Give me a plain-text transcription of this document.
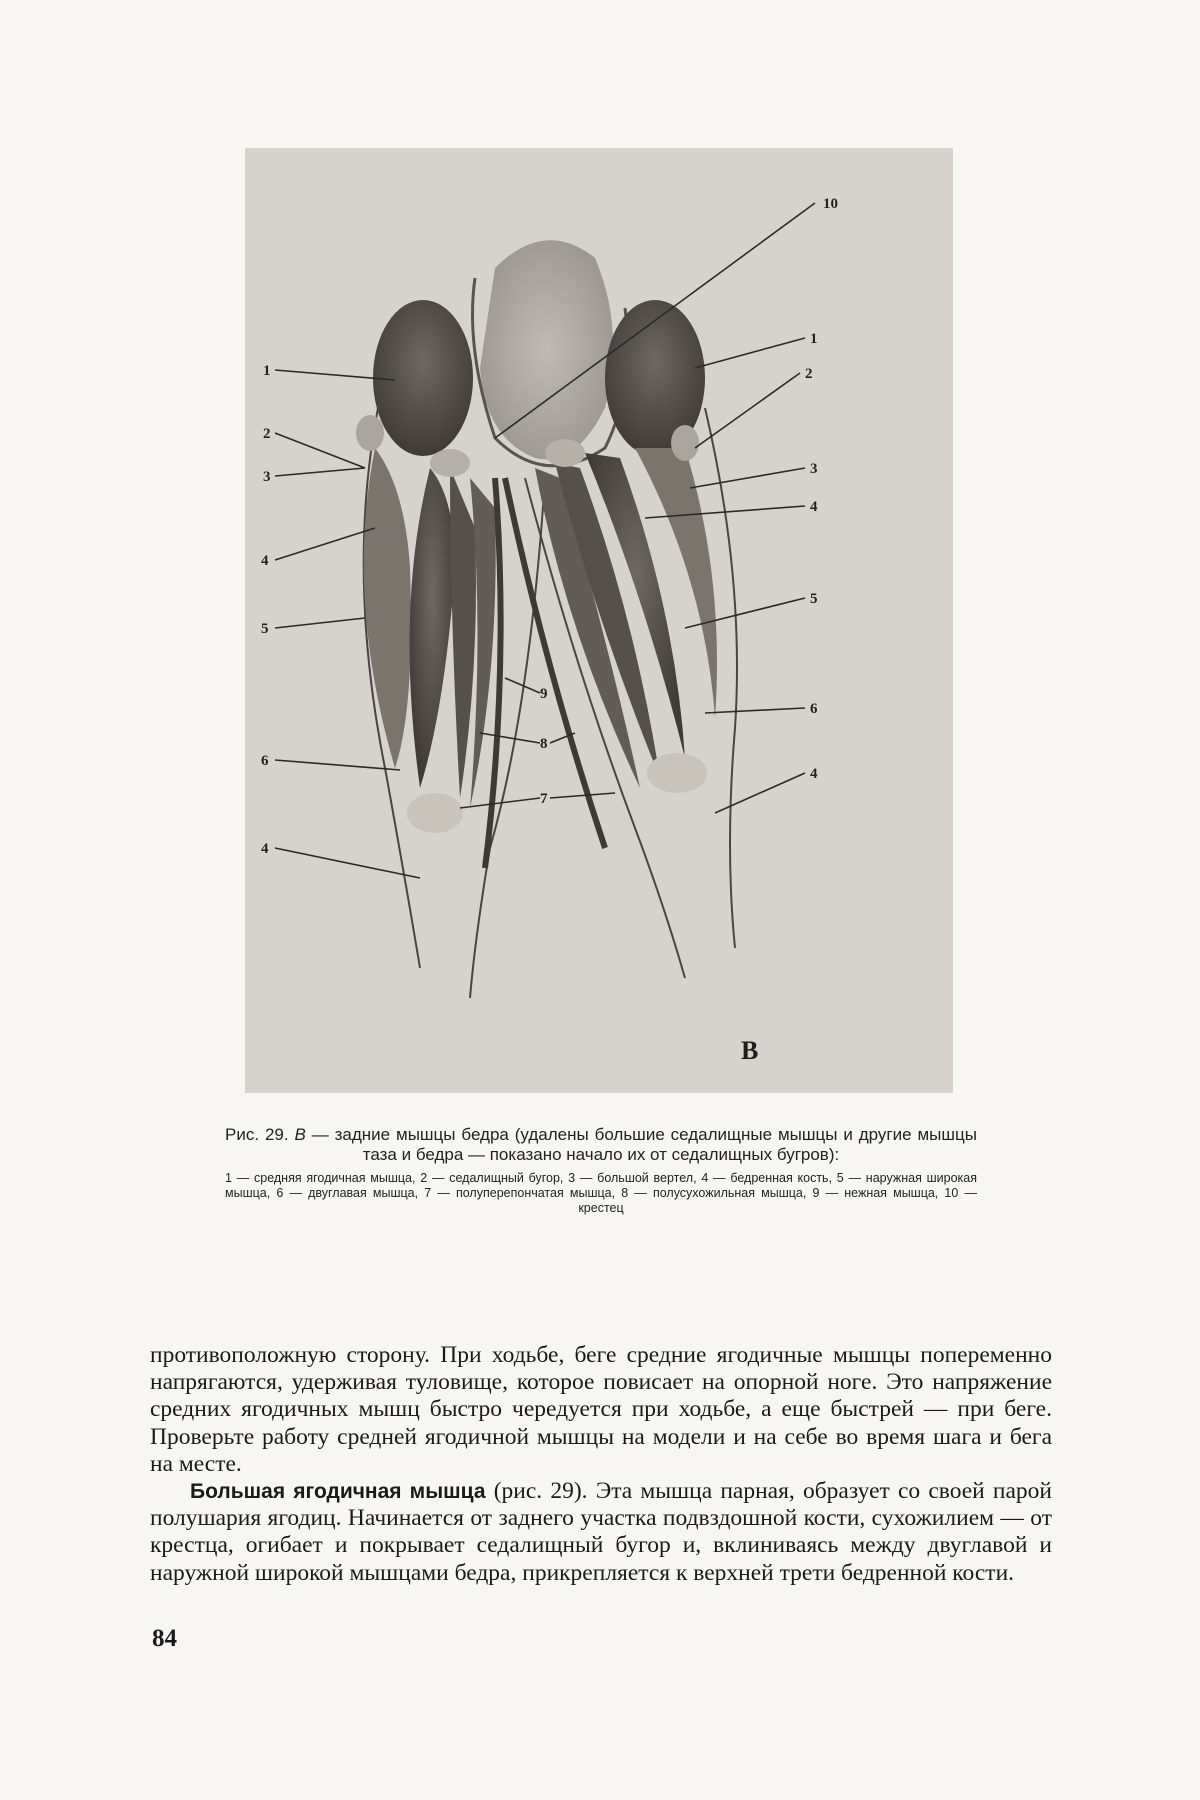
1
2
3
4
5
6
4
10
1
2
3
4
5
6
4
9
8
7
В

Рис. 29. В — задние мышцы бедра (удалены большие седалищные мышцы и другие мышцы таза и бедра — показано начало их от седалищных бугров):

1 — средняя ягодичная мышца, 2 — седалищный бугор, 3 — большой вертел, 4 — бедренная кость, 5 — наружная широкая мышца, 6 — двуглавая мышца, 7 — полуперепончатая мышца, 8 — полусухожильная мышца, 9 — нежная мышца, 10 — крестец

противоположную сторону. При ходьбе, беге средние ягодичные мышцы попеременно напрягаются, удерживая туловище, которое повисает на опорной ноге. Это напряжение средних ягодичных мышц быстро чередуется при ходьбе, а еще быстрей — при беге. Проверьте работу средней ягодичной мышцы на модели и на себе во время шага и бега на месте.

Большая ягодичная мышца (рис. 29). Эта мышца парная, образует со своей парой полушария ягодиц. Начинается от заднего участка подвздошной кости, сухожилием — от крестца, огибает и покрывает седалищный бугор и, вклиниваясь между двуглавой и наружной широкой мышцами бедра, прикрепляется к верхней трети бедренной кости.

84
